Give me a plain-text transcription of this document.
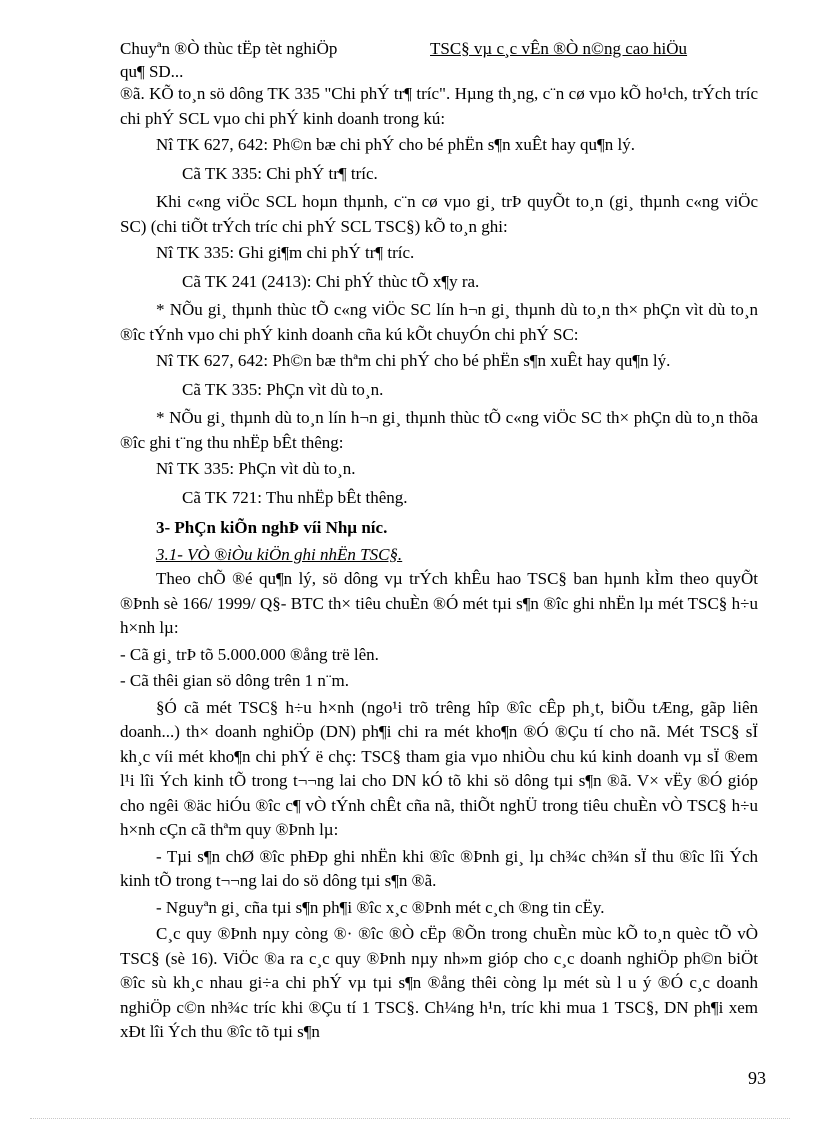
Chuyªn ®Ò thùc tËp tèt nghiÖp	TSC§ vµ c¸c vÊn ®Ò n©ng cao hiÖu
qu¶ SD...

®ã. KÕ to¸n sö dông TK 335 "Chi phÝ tr¶ tríc". Hµng th¸ng, c¨n cø vµo kÕ ho¹ch, trÝch tríc chi phÝ SCL vµo chi phÝ kinh doanh trong kú:

Nî TK 627, 642: Ph©n bæ chi phÝ cho bé phËn s¶n xuÊt hay qu¶n lý.

Cã TK 335: Chi phÝ tr¶ tríc.

Khi c«ng viÖc SCL hoµn thµnh, c¨n cø vµo gi¸ trÞ quyÕt to¸n (gi¸ thµnh c«ng viÖc SC) (chi tiÕt trÝch tríc chi phÝ SCL TSC§) kÕ to¸n ghi:

Nî TK 335: Ghi gi¶m chi phÝ tr¶ tríc.

Cã TK 241 (2413): Chi phÝ thùc tÕ x¶y ra.

* NÕu gi¸ thµnh thùc tÕ c«ng viÖc SC lín h¬n gi¸ thµnh dù to¸n th× phÇn vìt dù to¸n ®îc tÝnh vµo chi phÝ kinh doanh cña kú kÕt chuyÓn chi phÝ SC:

Nî TK 627, 642: Ph©n bæ thªm chi phÝ cho bé phËn s¶n xuÊt hay qu¶n lý.

Cã TK 335: PhÇn vìt dù to¸n.

* NÕu gi¸ thµnh dù to¸n lín h¬n gi¸ thµnh thùc tÕ c«ng viÖc SC th× phÇn dù to¸n thõa ®îc ghi t¨ng thu nhËp bÊt thêng:

Nî TK 335: PhÇn vìt dù to¸n.

Cã TK 721: Thu nhËp bÊt thêng.

3- PhÇn kiÕn nghÞ víi Nhµ níc.

3.1- VÒ ®iÒu kiÖn ghi nhËn TSC§.

Theo chÕ ®é qu¶n lý, sö dông vµ trÝch khÊu hao TSC§ ban hµnh kÌm theo quyÕt ®Þnh sè 166/ 1999/ Q§- BTC th× tiêu chuÈn ®Ó mét tµi s¶n ®îc ghi nhËn lµ mét TSC§ h÷u h×nh lµ:

- Cã gi¸ trÞ tõ 5.000.000 ®ång trë lên.

- Cã thêi gian sö dông trên 1 n¨m.

§Ó cã mét TSC§ h÷u h×nh (ngo¹i trõ trêng hîp ®îc cÊp ph¸t, biÕu tÆng, gãp liên doanh...) th× doanh nghiÖp (DN) ph¶i chi ra mét kho¶n ®Ó ®Çu tí cho nã. Mét TSC§ sÏ kh¸c víi mét kho¶n chi phÝ ë chç: TSC§ tham gia vµo nhiÒu chu kú kinh doanh vµ sÏ ®em l¹i lîi Ých kinh tÕ trong t¬¬ng lai cho DN kÓ tõ khi sö dông tµi s¶n ®ã. V× vËy ®Ó gióp cho ngêi ®äc hiÓu ®îc c¶ vÒ tÝnh chÊt cña nã, thiÕt nghÜ trong tiêu chuÈn vÒ TSC§ h÷u h×nh cÇn cã thªm quy ®Þnh lµ:

- Tµi s¶n chØ ®îc phÐp ghi nhËn khi ®îc ®Þnh gi¸ lµ ch¾c ch¾n sÏ thu ®îc lîi Ých kinh tÕ trong t¬¬ng lai do sö dông tµi s¶n ®ã.

- Nguyªn gi¸ cña tµi s¶n ph¶i ®îc x¸c ®Þnh mét c¸ch ®ng tin cËy.

C¸c quy ®Þnh nµy còng ®· ®îc ®Ò cËp ®Õn trong chuÈn mùc kÕ to¸n quèc tÕ vÒ TSC§ (sè 16). ViÖc ®a ra c¸c quy ®Þnh nµy nh»m gióp cho c¸c doanh nghiÖp ph©n biÖt ®îc sù kh¸c nhau gi÷a chi phÝ vµ tµi s¶n ®ång thêi còng lµ mét sù l u ý ®Ó c¸c doanh nghiÖp c©n nh¾c tríc khi ®Çu tí 1 TSC§. Ch¼ng h¹n, tríc khi mua 1 TSC§, DN ph¶i xem xÐt lîi Ých thu ®îc tõ tµi s¶n

93
